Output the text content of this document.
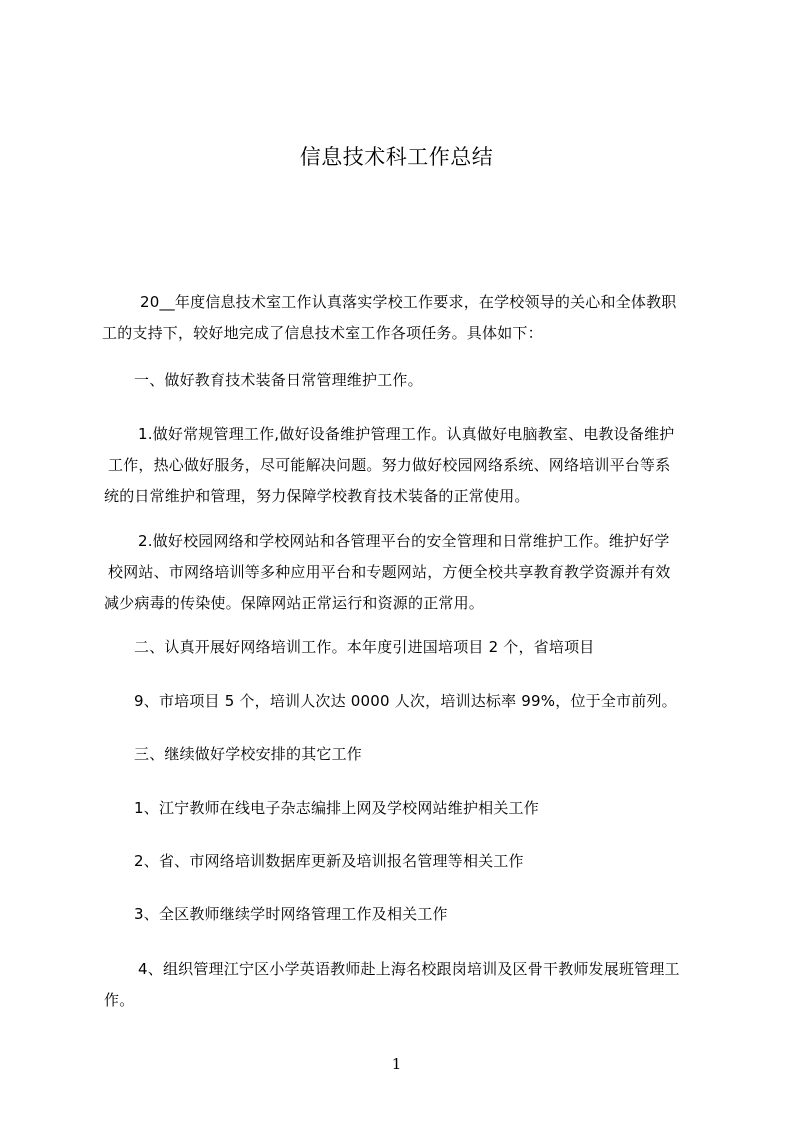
信息技术科工作总结
20__年度信息技术室工作认真落实学校工作要求，在学校领导的关心和全体教职
工的支持下，较好地完成了信息技术室工作各项任务。具体如下：
一、做好教育技术装备日常管理维护工作。
1.做好常规管理工作,做好设备维护管理工作。认真做好电脑教室、电教设备维护
工作，热心做好服务，尽可能解决问题。努力做好校园网络系统、网络培训平台等系
统的日常维护和管理，努力保障学校教育技术装备的正常使用。
2.做好校园网络和学校网站和各管理平台的安全管理和日常维护工作。维护好学
校网站、市网络培训等多种应用平台和专题网站，方便全校共享教育教学资源并有效
减少病毒的传染使。保障网站正常运行和资源的正常用。
二、认真开展好网络培训工作。本年度引进国培项目 2 个，省培项目
9、市培项目 5 个，培训人次达 0000 人次，培训达标率 99%，位于全市前列。
三、继续做好学校安排的其它工作
1、江宁教师在线电子杂志编排上网及学校网站维护相关工作
2、省、市网络培训数据库更新及培训报名管理等相关工作
3、全区教师继续学时网络管理工作及相关工作
4、组织管理江宁区小学英语教师赴上海名校跟岗培训及区骨干教师发展班管理工
作。
1
